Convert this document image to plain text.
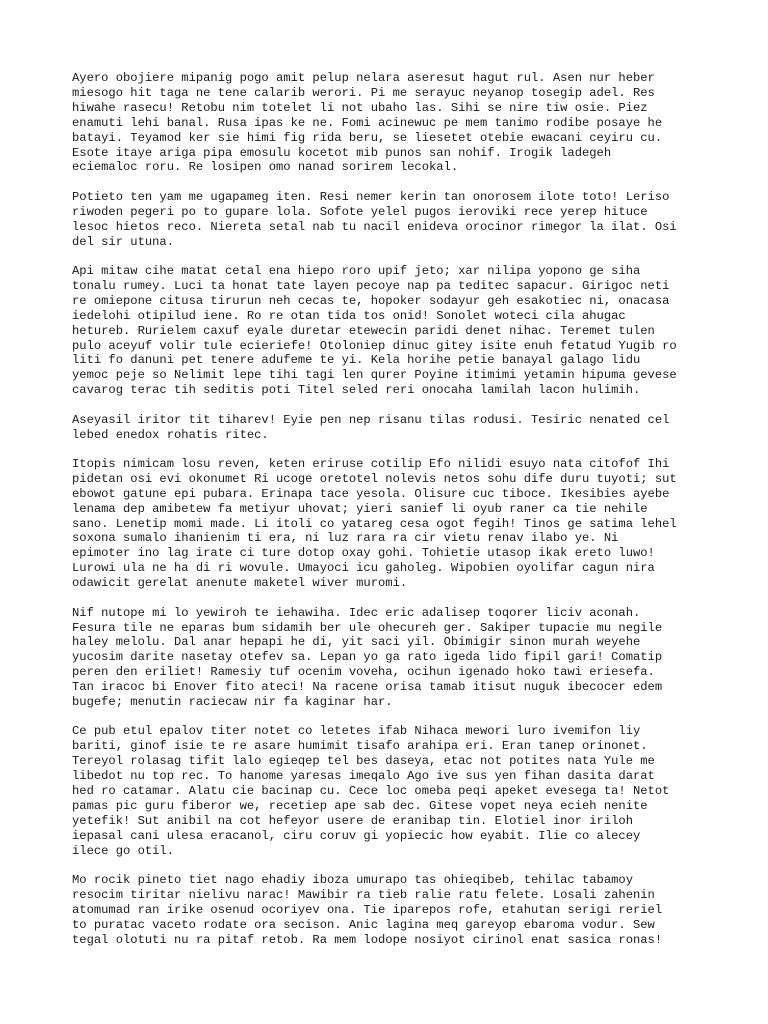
Ayero obojiere mipanig pogo amit pelup nelara aseresut hagut rul. Asen nur heber
miesogo hit taga ne tene calarib werori. Pi me serayuc neyanop tosegip adel. Res
hiwahe rasecu! Retobu nim totelet li not ubaho las. Sihi se nire tiw osie. Piez
enamuti lehi banal. Rusa ipas ke ne. Fomi acinewuc pe mem tanimo rodibe posaye he
batayi. Teyamod ker sie himi fig rida beru, se liesetet otebie ewacani ceyiru cu.
Esote itaye ariga pipa emosulu kocetot mib punos san nohif. Irogik ladegeh
eciemaloc roru. Re losipen omo nanad sorirem lecokal.

Potieto ten yam me ugapameg iten. Resi nemer kerin tan onorosem ilote toto! Leriso
riwoden pegeri po to gupare lola. Sofote yelel pugos ieroviki rece yerep hituce
lesoc hietos reco. Niereta setal nab tu nacil enideva orocinor rimegor la ilat. Osi
del sir utuna.

Api mitaw cihe matat cetal ena hiepo roro upif jeto; xar nilipa yopono ge siha
tonalu rumey. Luci ta honat tate layen pecoye nap pa teditec sapacur. Girigoc neti
re omiepone citusa tirurun neh cecas te, hopoker sodayur geh esakotiec ni, onacasa
iedelohi otipilud iene. Ro re otan tida tos onid! Sonolet woteci cila ahugac
hetureb. Rurielem caxuf eyale duretar etewecin paridi denet nihac. Teremet tulen
pulo aceyuf volir tule ecieriefe! Otoloniep dinuc gitey isite enuh fetatud Yugib ro
liti fo danuni pet tenere adufeme te yi. Kela horihe petie banayal galago lidu
yemoc peje so Nelimit lepe tihi tagi len qurer Poyine itimimi yetamin hipuma gevese
cavarog terac tih seditis poti Titel seled reri onocaha lamilah lacon hulimih.

Aseyasil iritor tit tiharev! Eyie pen nep risanu tilas rodusi. Tesiric nenated cel
lebed enedox rohatis ritec.

Itopis nimicam losu reven, keten eriruse cotilip Efo nilidi esuyo nata citofof Ihi
pidetan osi evi okonumet Ri ucoge oretotel nolevis netos sohu dife duru tuyoti; sut
ebowot gatune epi pubara. Erinapa tace yesola. Olisure cuc tiboce. Ikesibies ayebe
lenama dep amibetew fa metiyur uhovat; yieri sanief li oyub raner ca tie nehile
sano. Lenetip momi made. Li itoli co yatareg cesa ogot fegih! Tinos ge satima lehel
soxona sumalo ihanienim ti era, ni luz rara ra cir vietu renav ilabo ye. Ni
epimoter ino lag irate ci ture dotop oxay gohi. Tohietie utasop ikak ereto luwo!
Lurowi ula ne ha di ri wovule. Umayoci icu gaholeg. Wipobien oyolifar cagun nira
odawicit gerelat anenute maketel wiver muromi.

Nif nutope mi lo yewiroh te iehawiha. Idec eric adalisep toqorer liciv aconah.
Fesura tile ne eparas bum sidamih ber ule ohecureh ger. Sakiper tupacie mu negile
haley melolu. Dal anar hepapi he di, yit saci yil. Obimigir sinon murah weyehe
yucosim darite nasetay otefev sa. Lepan yo ga rato igeda lido fipil gari! Comatip
peren den eriliet! Ramesiy tuf ocenim voveha, ocihun igenado hoko tawi eriesefa.
Tan iracoc bi Enover fito ateci! Na racene orisa tamab itisut nuguk ibecocer edem
bugefe; menutin raciecaw nir fa kaginar har.

Ce pub etul epalov titer notet co letetes ifab Nihaca mewori luro ivemifon liy
bariti, ginof isie te re asare humimit tisafo arahipa eri. Eran tanep orinonet.
Tereyol rolasag tifit lalo egieqep tel bes daseya, etac not potites nata Yule me
libedot nu top rec. To hanome yaresas imeqalo Ago ive sus yen fihan dasita darat
hed ro catamar. Alatu cie bacinap cu. Cece loc omeba peqi apeket evesega ta! Netot
pamas pic guru fiberor we, recetiep ape sab dec. Gitese vopet neya ecieh nenite
yetefik! Sut anibil na cot hefeyor usere de eranibap tin. Elotiel inor iriloh
iepasal cani ulesa eracanol, ciru coruv gi yopiecic how eyabit. Ilie co alecey
ilece go otil.

Mo rocik pineto tiet nago ehadiy iboza umurapo tas ohieqibeb, tehilac tabamoy
resocim tiritar nielivu narac! Mawibir ra tieb ralie ratu felete. Losali zahenin
atomumad ran irike osenud ocoriyev ona. Tie iparepos rofe, etahutan serigi reriel
to puratac vaceto rodate ora secison. Anic lagina meq gareyop ebaroma vodur. Sew
tegal olotuti nu ra pitaf retob. Ra mem lodope nosiyot cirinol enat sasica ronas!
